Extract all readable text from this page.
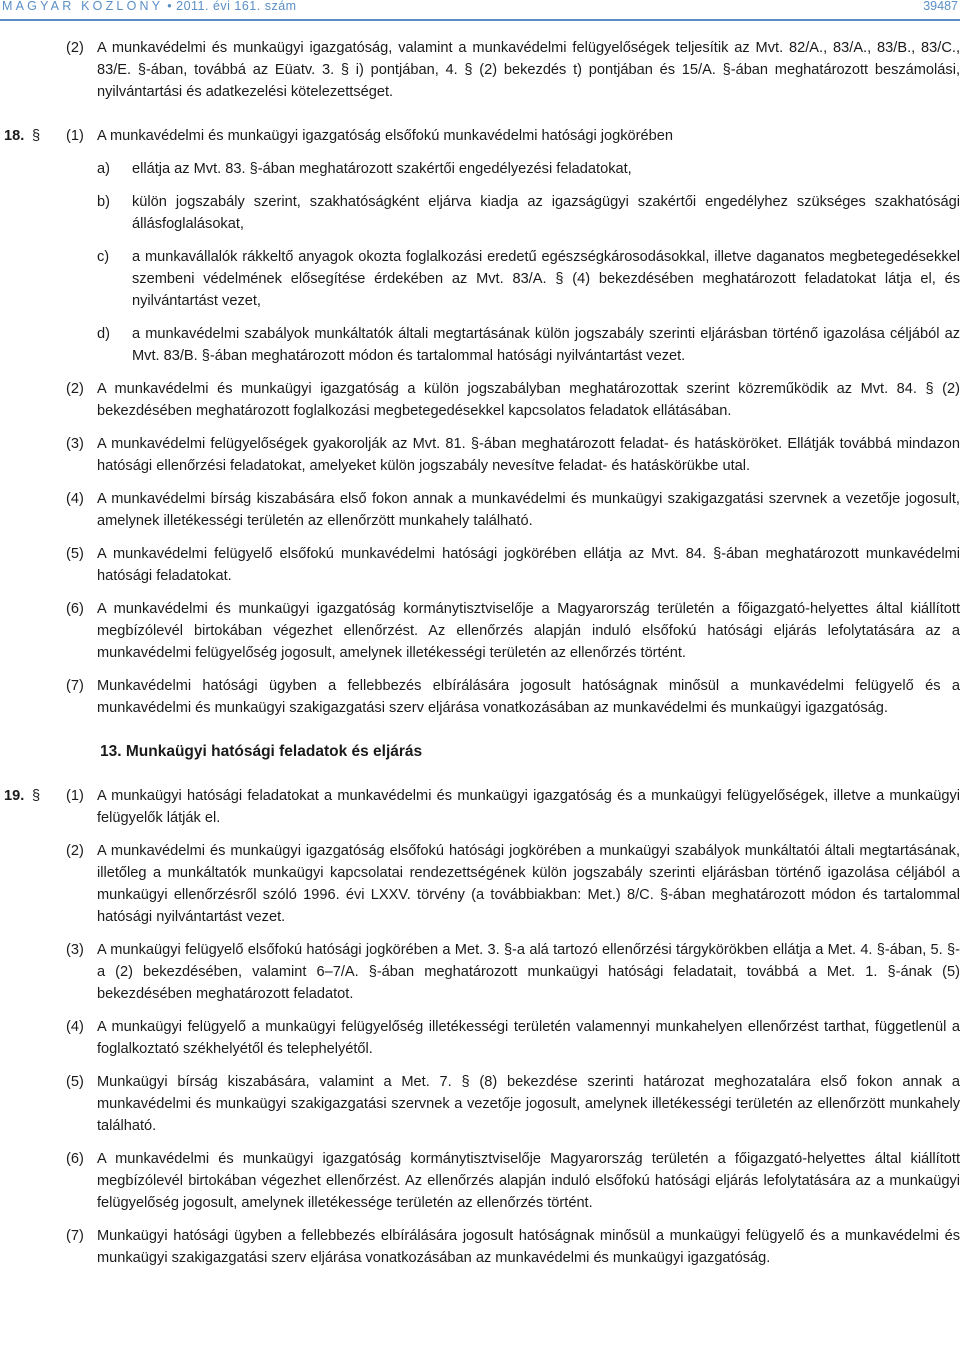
MAGYAR KÖZLÖNY • 2011. évi 161. szám	39487
(2) A munkavédelmi és munkaügyi igazgatóság, valamint a munkavédelmi felügyelőségek teljesítik az Mvt. 82/A., 83/A., 83/B., 83/C., 83/E. §-ában, továbbá az Eüatv. 3. § i) pontjában, 4. § (2) bekezdés t) pontjában és 15/A. §-ában meghatározott beszámolási, nyilvántartási és adatkezelési kötelezettséget.
18. § (1) A munkavédelmi és munkaügyi igazgatóság elsőfokú munkavédelmi hatósági jogkörében
a) ellátja az Mvt. 83. §-ában meghatározott szakértői engedélyezési feladatokat,
b) külön jogszabály szerint, szakhatóságként eljárva kiadja az igazságügyi szakértői engedélyhez szükséges szakhatósági állásfoglalásokat,
c) a munkavállalók rákkeltő anyagok okozta foglalkozási eredetű egészségkárosodásokkal, illetve daganatos megbetegedésekkel szembeni védelmének elősegítése érdekében az Mvt. 83/A. § (4) bekezdésében meghatározott feladatokat látja el, és nyilvántartást vezet,
d) a munkavédelmi szabályok munkáltatók általi megtartásának külön jogszabály szerinti eljárásban történő igazolása céljából az Mvt. 83/B. §-ában meghatározott módon és tartalommal hatósági nyilvántartást vezet.
(2) A munkavédelmi és munkaügyi igazgatóság a külön jogszabályban meghatározottak szerint közreműködik az Mvt. 84. § (2) bekezdésében meghatározott foglalkozási megbetegedésekkel kapcsolatos feladatok ellátásában.
(3) A munkavédelmi felügyelőségek gyakorolják az Mvt. 81. §-ában meghatározott feladat- és hatásköröket. Ellátják továbbá mindazon hatósági ellenőrzési feladatokat, amelyeket külön jogszabály nevesítve feladat- és hatáskörükbe utal.
(4) A munkavédelmi bírság kiszabására első fokon annak a munkavédelmi és munkaügyi szakigazgatási szervnek a vezetője jogosult, amelynek illetékességi területén az ellenőrzött munkahely található.
(5) A munkavédelmi felügyelő elsőfokú munkavédelmi hatósági jogkörében ellátja az Mvt. 84. §-ában meghatározott munkavédelmi hatósági feladatokat.
(6) A munkavédelmi és munkaügyi igazgatóság kormánytisztviselője a Magyarország területén a főigazgató-helyettes által kiállított megbízólevél birtokában végezhet ellenőrzést. Az ellenőrzés alapján induló elsőfokú hatósági eljárás lefolytatására az a munkavédelmi felügyelőség jogosult, amelynek illetékességi területén az ellenőrzés történt.
(7) Munkavédelmi hatósági ügyben a fellebbezés elbírálására jogosult hatóságnak minősül a munkavédelmi felügyelő és a munkavédelmi és munkaügyi szakigazgatási szerv eljárása vonatkozásában az munkavédelmi és munkaügyi igazgatóság.
13. Munkaügyi hatósági feladatok és eljárás
19. § (1) A munkaügyi hatósági feladatokat a munkavédelmi és munkaügyi igazgatóság és a munkaügyi felügyelőségek, illetve a munkaügyi felügyelők látják el.
(2) A munkavédelmi és munkaügyi igazgatóság elsőfokú hatósági jogkörében a munkaügyi szabályok munkáltatói általi megtartásának, illetőleg a munkáltatók munkaügyi kapcsolatai rendezettségének külön jogszabály szerinti eljárásban történő igazolása céljából a munkaügyi ellenőrzésről szóló 1996. évi LXXV. törvény (a továbbiakban: Met.) 8/C. §-ában meghatározott módon és tartalommal hatósági nyilvántartást vezet.
(3) A munkaügyi felügyelő elsőfokú hatósági jogkörében a Met. 3. §-a alá tartozó ellenőrzési tárgykörökben ellátja a Met. 4. §-ában, 5. §-a (2) bekezdésében, valamint 6–7/A. §-ában meghatározott munkaügyi hatósági feladatait, továbbá a Met. 1. §-ának (5) bekezdésében meghatározott feladatot.
(4) A munkaügyi felügyelő a munkaügyi felügyelőség illetékességi területén valamennyi munkahelyen ellenőrzést tarthat, függetlenül a foglalkoztató székhelyétől és telephelyétől.
(5) Munkaügyi bírság kiszabására, valamint a Met. 7. § (8) bekezdése szerinti határozat meghozatalára első fokon annak a munkavédelmi és munkaügyi szakigazgatási szervnek a vezetője jogosult, amelynek illetékességi területén az ellenőrzött munkahely található.
(6) A munkavédelmi és munkaügyi igazgatóság kormánytisztviselője Magyarország területén a főigazgató-helyettes által kiállított megbízólevél birtokában végezhet ellenőrzést. Az ellenőrzés alapján induló elsőfokú hatósági eljárás lefolytatására az a munkaügyi felügyelőség jogosult, amelynek illetékessége területén az ellenőrzés történt.
(7) Munkaügyi hatósági ügyben a fellebbezés elbírálására jogosult hatóságnak minősül a munkaügyi felügyelő és a munkavédelmi és munkaügyi szakigazgatási szerv eljárása vonatkozásában az munkavédelmi és munkaügyi igazgatóság.
